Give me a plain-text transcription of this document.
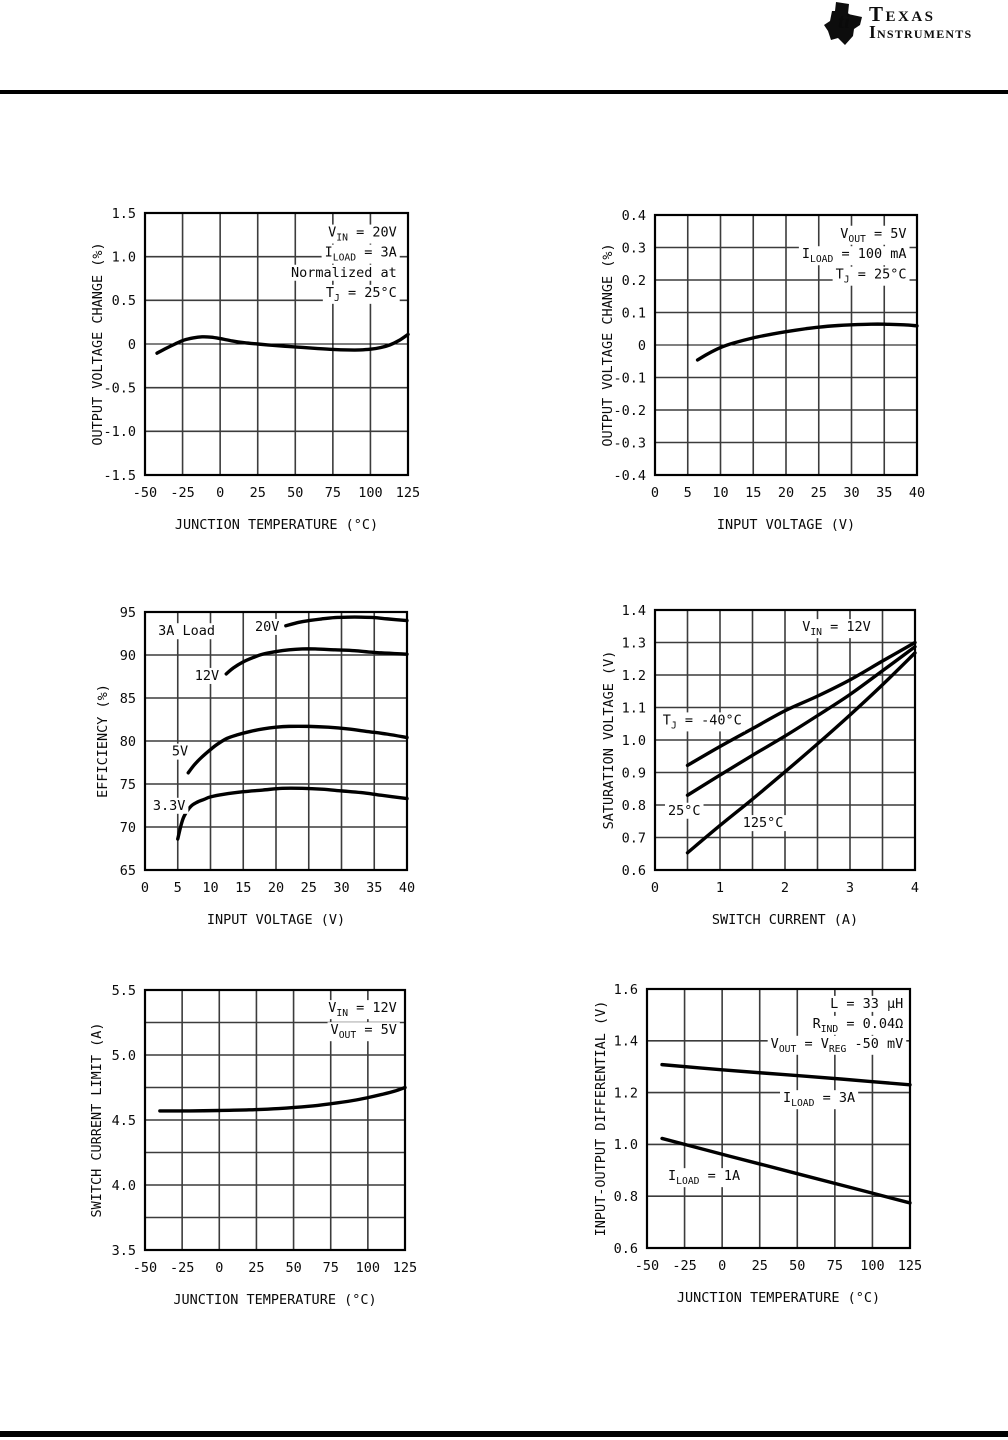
ti Texas
Instruments
$V_{IN} = 20V$
$I_{LOAD} = 3A$
Normalized at
$T_J = 25^\circ C$
-50 -25 0 25 50 75 100 125
1.5
1.0
0.5
0
-0.5
-1.0
-1.5
JUNCTION TEMPERATURE (°C)
OUTPUT VOLTAGE CHANGE (%)
$V_{OUT} = 5V$
$I_{LOAD} = 100$ mA
$T_J = 25^\circ C$
0 5 10 15 20 25 30 35 40
0.4
0.3
0.2
0.1
0
-0.1
-0.2
-0.3
-0.4
INPUT VOLTAGE (V)
OUTPUT VOLTAGE CHANGE (%)
3A Load	20V
12V
5V
3.3V
0 5 10 15 20 25 30 35 40
95
90
85
80
75
70
65
INPUT VOLTAGE (V)
EFFICIENCY (%)
$V_{IN} = 12V$
$T_J = -40^\circ C$
25°C
125°C
0	1	2	3	4
1.4
1.3
1.2
1.1
1.0
0.9
0.8
0.7
0.6
SWITCH CURRENT (A)
SATURATION VOLTAGE (V)
$V_{IN} = 12V$
$V_{OUT} = 5V$
-50 -25 0 25 50 75 100 125
5.5
5.0
4.5
4.0
3.5
JUNCTION TEMPERATURE (°C)
SWITCH CURRENT LIMIT (A)
L = 33 µH
$R_{IND} = 0.04\Omega$
$V_{OUT} = V_{REG}$ -50 mV
$I_{LOAD} = 3A$
$I_{LOAD} = 1A$
-50 -25 0 25 50 75 100 125
1.6
1.4
1.2
1.0
0.8
0.6
JUNCTION TEMPERATURE (°C)
INPUT-OUTPUT DIFFERENTIAL (V)
